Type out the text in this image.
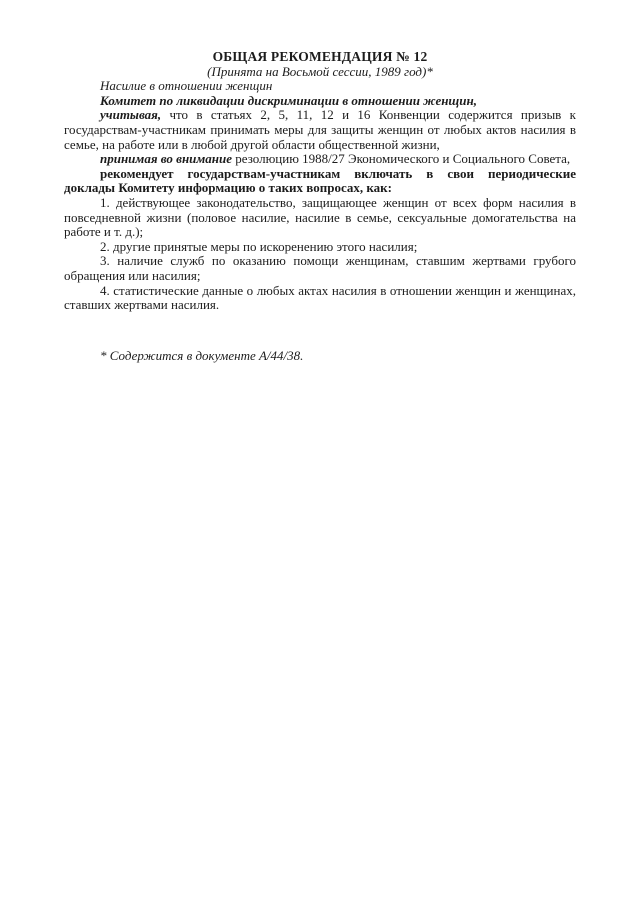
ОБЩАЯ РЕКОМЕНДАЦИЯ № 12
(Принята на Восьмой сессии, 1989 год)*

Насилие в отношении женщин

Комитет по ликвидации дискриминации в отношении женщин,

учитывая, что в статьях 2, 5, 11, 12 и 16 Конвенции содержится призыв к государствам-участникам принимать меры для защиты женщин от любых актов насилия в семье, на работе или в любой другой области общественной жизни,

принимая во внимание резолюцию 1988/27 Экономического и Социального Совета,

рекомендует государствам-участникам включать в свои периодические доклады Комитету информацию о таких вопросах, как:

1. действующее законодательство, защищающее женщин от всех форм насилия в повседневной жизни (половое насилие, насилие в семье, сексуальные домогательства на работе и т. д.);

2. другие принятые меры по искоренению этого насилия;

3. наличие служб по оказанию помощи женщинам, ставшим жертвами грубого обращения или насилия;

4. статистические данные о любых актах насилия в отношении женщин и женщинах, ставших жертвами насилия.

* Содержится в документе А/44/38.
